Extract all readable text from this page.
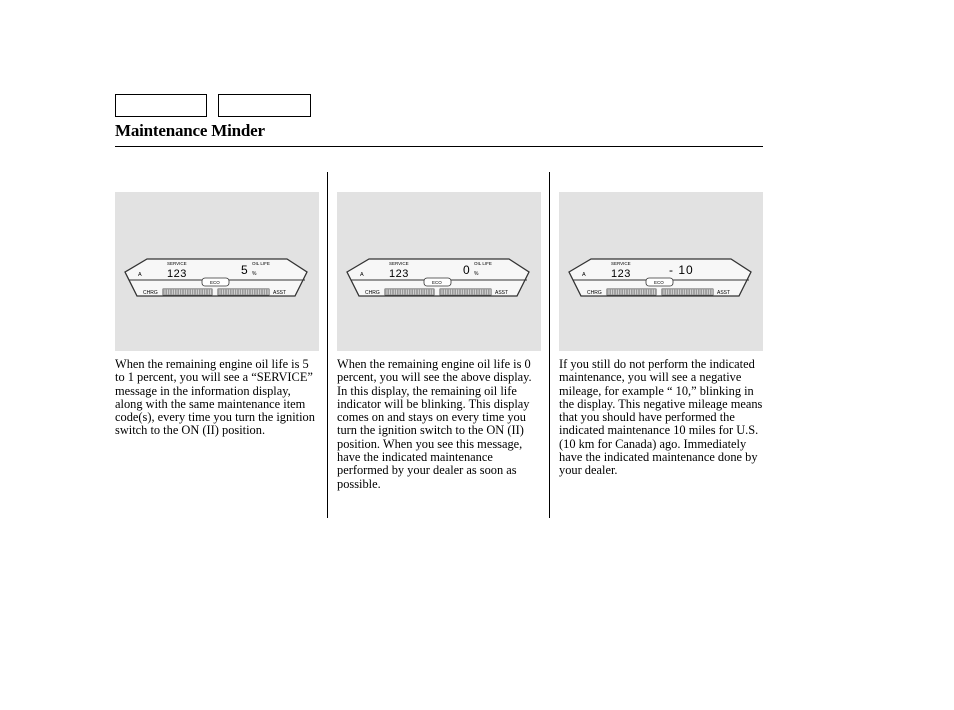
Maintenance Minder
A
SERVICE
123	5 OIL LIFE
%
ECO
CHRG	ASST
A
SERVICE
123	0 OIL LIFE
%
ECO
CHRG	ASST
A
SERVICE
123	- 10
ECO
CHRG	ASST
When the remaining engine oil life is 5 to 1 percent, you will see a “SERVICE” message in the information display, along with the same maintenance item code(s), every time you turn the ignition switch to the ON (II) position.
When the remaining engine oil life is 0 percent, you will see the above display. In this display, the remaining oil life indicator will be blinking. This display comes on and stays on every time you turn the ignition switch to the ON (II) position. When you see this message, have the indicated maintenance performed by your dealer as soon as possible.
If you still do not perform the indicated maintenance, you will see a negative mileage, for example “ 10,” blinking in the display. This negative mileage means that you should have performed the indicated maintenance 10 miles for U.S. (10 km for Canada) ago. Immediately have the indicated maintenance done by your dealer.
